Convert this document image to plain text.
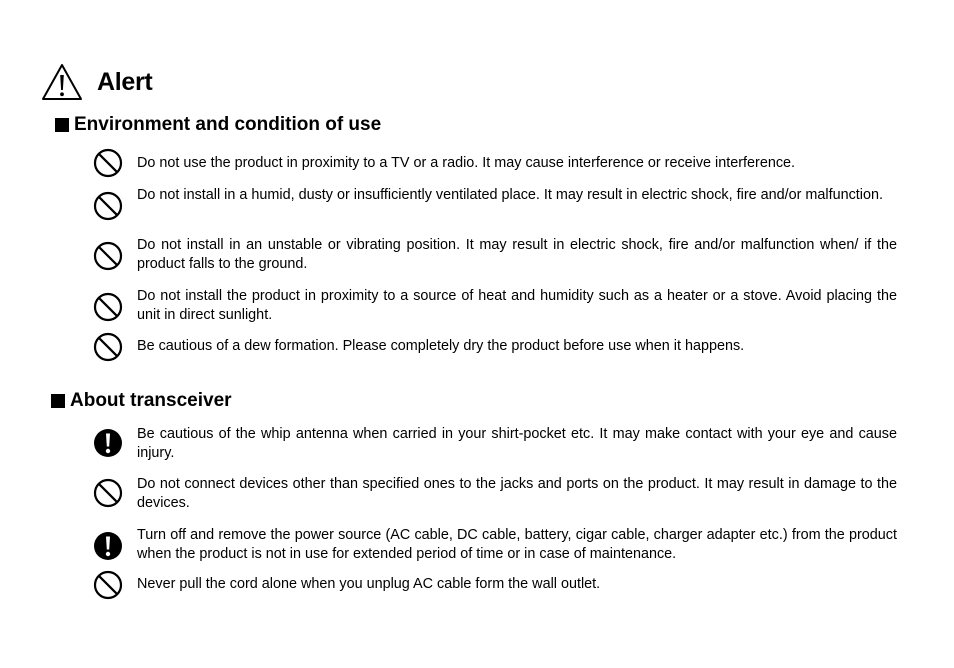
Alert
Environment and condition of use
Do not use the product in proximity to a TV or a radio. It may cause interference or receive interference.
Do not install in a humid, dusty or insufficiently ventilated place. It may result in electric shock, fire and/or malfunction.
Do not install in an unstable or vibrating position. It may result in electric shock, fire and/or malfunction when/ if the product falls to the ground.
Do not install the product in proximity to a source of heat and humidity such as a heater or a stove. Avoid placing the unit in direct sunlight.
Be cautious of a dew formation. Please completely dry the product before use when it happens.
About transceiver
Be cautious of the whip antenna when carried in your shirt-pocket etc. It may make contact with your eye and cause injury.
Do not connect devices other than specified ones to the jacks and ports on the product. It may result in damage to the devices.
Turn off and remove the power source (AC cable, DC cable, battery, cigar cable, charger adapter etc.) from the product when the product is not in use for extended period of time or in case of maintenance.
Never pull the cord alone when you unplug AC cable form the wall outlet.
